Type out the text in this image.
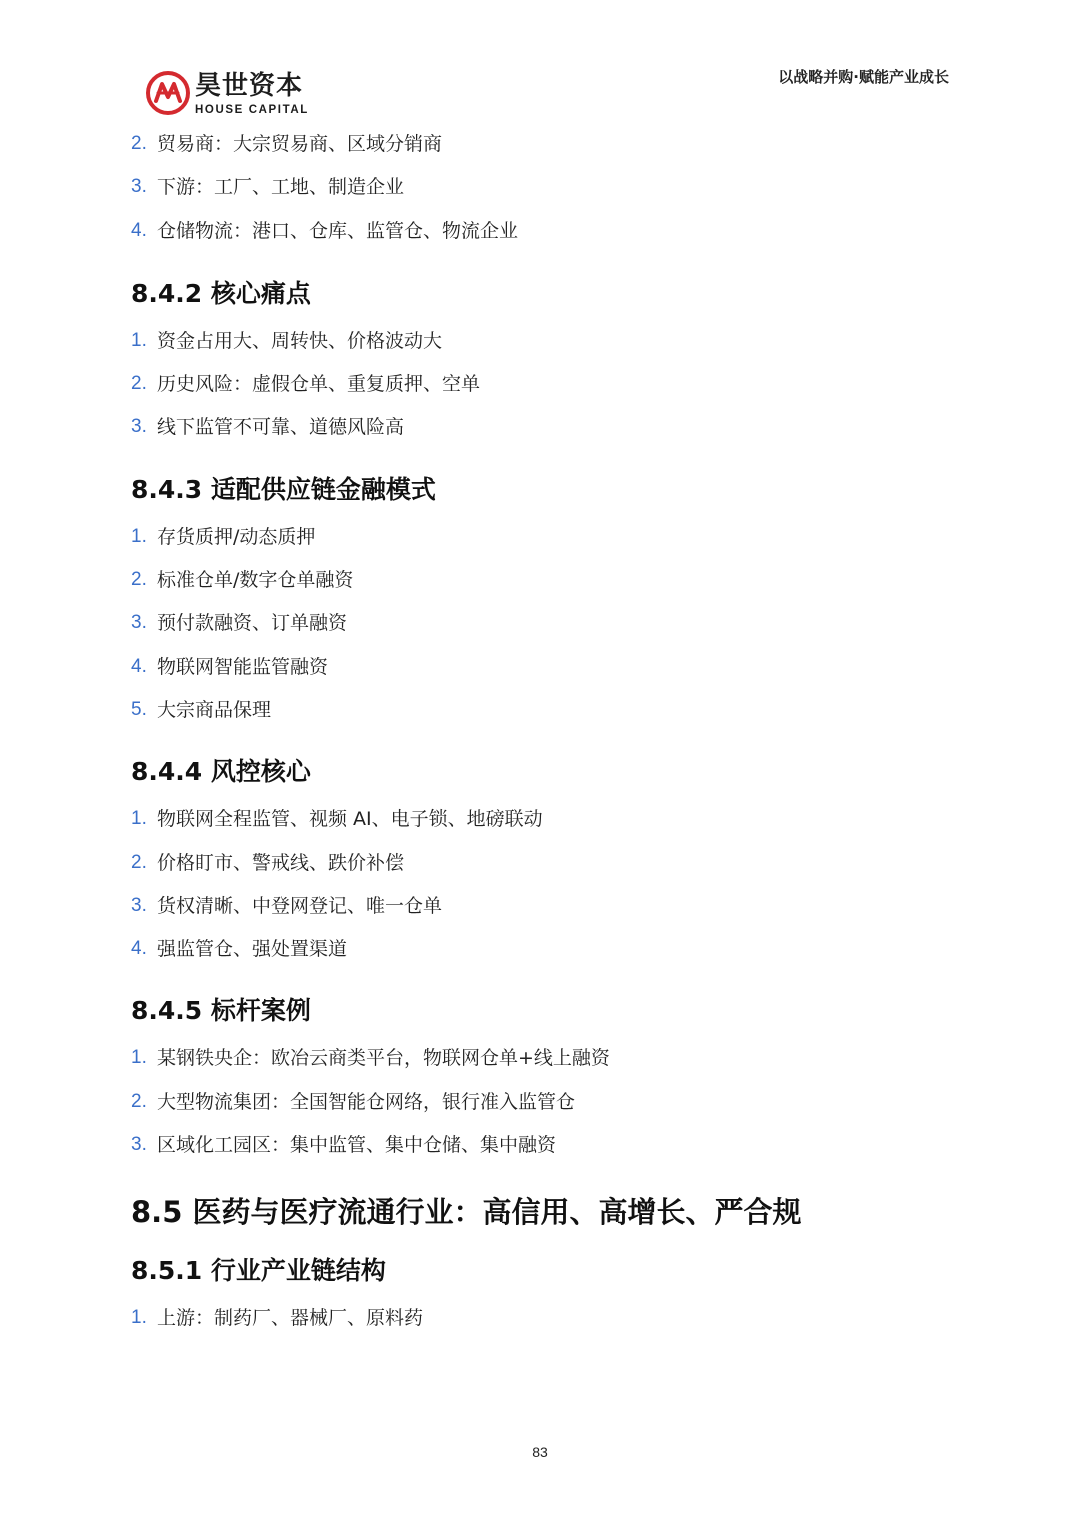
昊世资本
HOUSE CAPITAL
以战略并购·赋能产业成长
2. 贸易商：大宗贸易商、区域分销商
3. 下游：工厂、工地、制造企业
4. 仓储物流：港口、仓库、监管仓、物流企业
8.4.2 核心痛点
1. 资金占用大、周转快、价格波动大
2. 历史风险：虚假仓单、重复质押、空单
3. 线下监管不可靠、道德风险高
8.4.3 适配供应链金融模式
1. 存货质押/动态质押
2. 标准仓单/数字仓单融资
3. 预付款融资、订单融资
4. 物联网智能监管融资
5. 大宗商品保理
8.4.4 风控核心
1. 物联网全程监管、视频 AI、电子锁、地磅联动
2. 价格盯市、警戒线、跌价补偿
3. 货权清晰、中登网登记、唯一仓单
4. 强监管仓、强处置渠道
8.4.5 标杆案例
1. 某钢铁央企：欧冶云商类平台，物联网仓单+线上融资
2. 大型物流集团：全国智能仓网络，银行准入监管仓
3. 区域化工园区：集中监管、集中仓储、集中融资
8.5 医药与医疗流通行业：高信用、高增长、严合规
8.5.1 行业产业链结构
1. 上游：制药厂、器械厂、原料药
83
